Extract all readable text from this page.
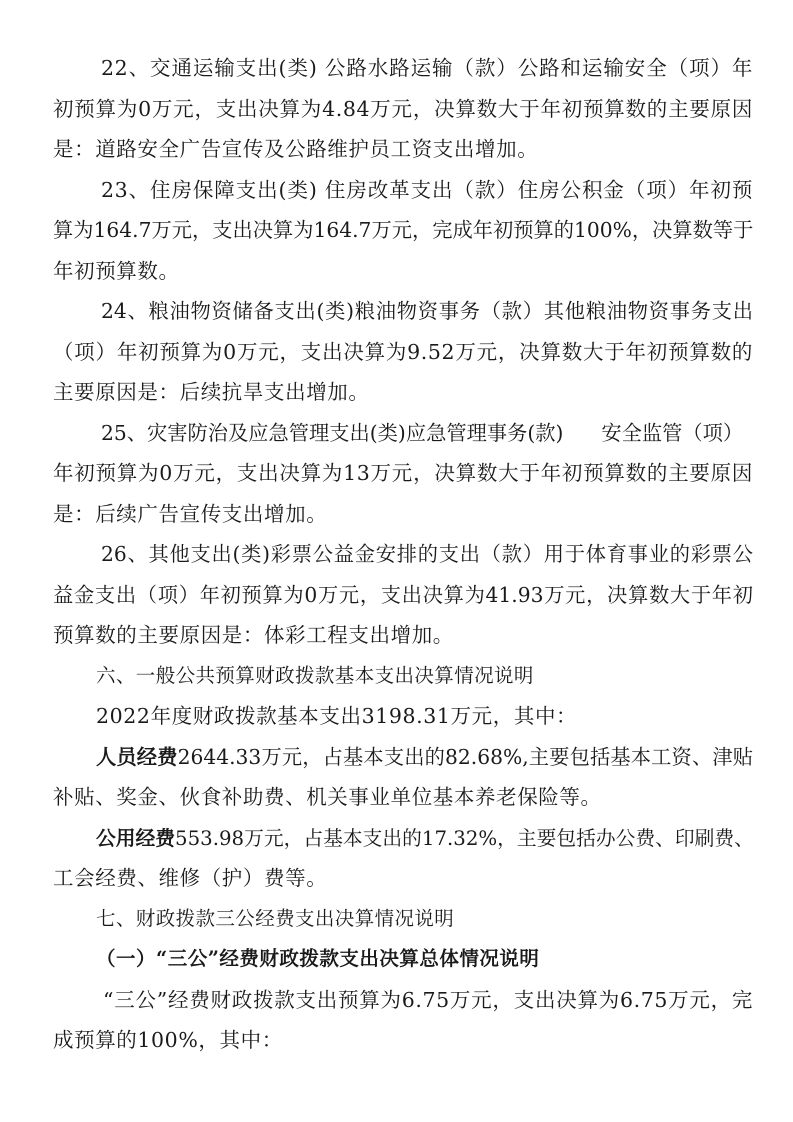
22、交通运输支出(类) 公路水路运输（款）公路和运输安全（项）年
初预算为0万元，支出决算为4.84万元，决算数大于年初预算数的主要原因
是：道路安全广告宣传及公路维护员工资支出增加。
23、住房保障支出(类) 住房改革支出（款）住房公积金（项）年初预
算为164.7万元，支出决算为164.7万元，完成年初预算的100%，决算数等于
年初预算数。
24、粮油物资储备支出(类)粮油物资事务（款）其他粮油物资事务支出
（项）年初预算为0万元，支出决算为9.52万元，决算数大于年初预算数的
主要原因是：后续抗旱支出增加。
25、灾害防治及应急管理支出(类)应急管理事务(款) 安全监管（项）
年初预算为0万元，支出决算为13万元，决算数大于年初预算数的主要原因
是：后续广告宣传支出增加。
26、其他支出(类)彩票公益金安排的支出（款）用于体育事业的彩票公
益金支出（项）年初预算为0万元，支出决算为41.93万元，决算数大于年初
预算数的主要原因是：体彩工程支出增加。
六、一般公共预算财政拨款基本支出决算情况说明
2022年度财政拨款基本支出3198.31万元，其中：
人员经费2644.33万元，占基本支出的82.68%,主要包括基本工资、津贴
补贴、奖金、伙食补助费、机关事业单位基本养老保险等。
公用经费553.98万元，占基本支出的17.32%，主要包括办公费、印刷费、
工会经费、维修（护）费等。
七、财政拨款三公经费支出决算情况说明
（一）“三公”经费财政拨款支出决算总体情况说明
“三公”经费财政拨款支出预算为6.75万元，支出决算为6.75万元，完
成预算的100%，其中：
